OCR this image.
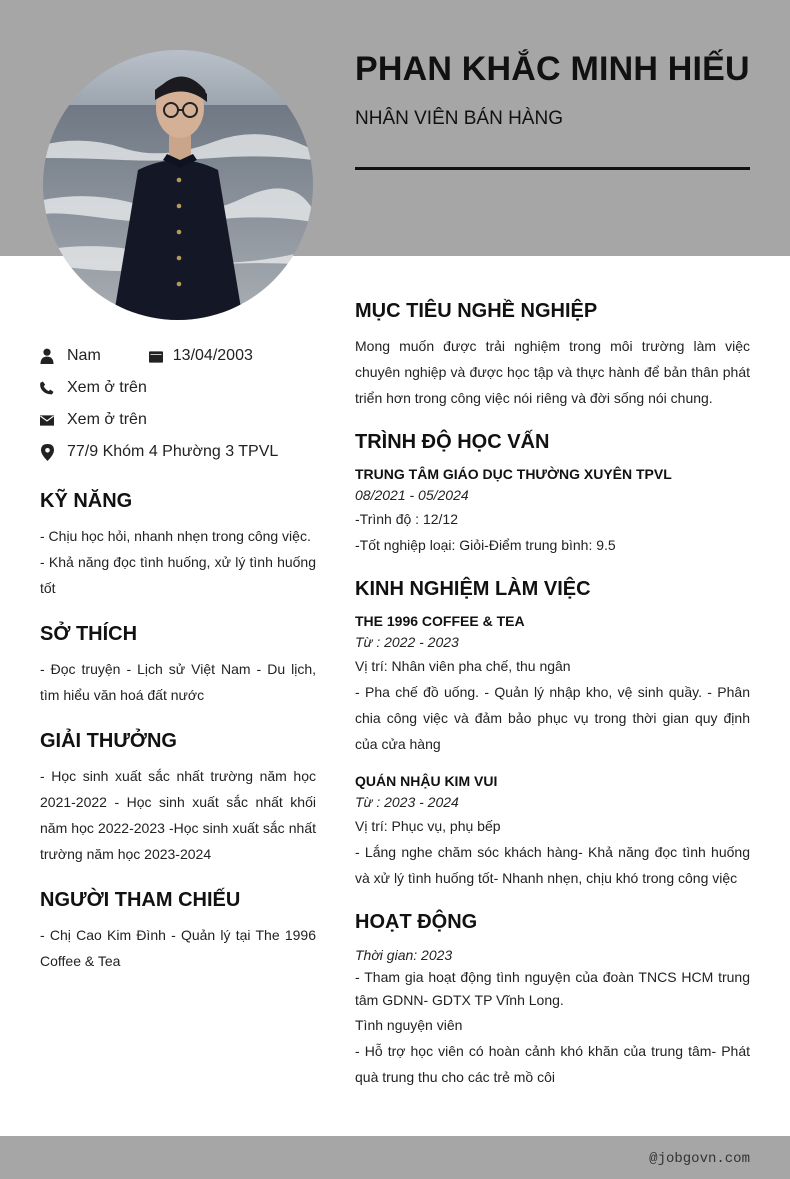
PHAN KHẮC MINH HIẾU
NHÂN VIÊN BÁN HÀNG
Nam	13/04/2003
Xem ở trên
Xem ở trên
77/9 Khóm 4 Phường 3 TPVL
KỸ NĂNG

- Chịu học hỏi, nhanh nhẹn trong công việc.

- Khả năng đọc tình huống, xử lý tình huống tốt

SỞ THÍCH
- Đọc truyện - Lịch sử Việt Nam - Du lịch, tìm hiểu văn hoá đất nước
GIẢI THƯỞNG
- Học sinh xuất sắc nhất trường năm học 2021-2022 - Học sinh xuất sắc nhất khối năm học 2022-2023 -Học sinh xuất sắc nhất trường năm học 2023-2024
NGƯỜI THAM CHIẾU
- Chị Cao Kim Đình - Quản lý tại The 1996 Coffee & Tea
MỤC TIÊU NGHỀ NGHIỆP
Mong muốn được trải nghiệm trong môi trường làm việc chuyên nghiệp và được học tập và thực hành để bản thân phát triển hơn trong công việc nói riêng và đời sống nói chung.
TRÌNH ĐỘ HỌC VẤN
TRUNG TÂM GIÁO DỤC THƯỜNG XUYÊN TPVL
08/2021 - 05/2024
-Trình độ : 12/12
-Tốt nghiệp loại: Giỏi-Điểm trung bình: 9.5
KINH NGHIỆM LÀM VIỆC
THE 1996 COFFEE & TEA
Từ : 2022 - 2023
Vị trí: Nhân viên pha chế, thu ngân
- Pha chế đồ uống. - Quản lý nhập kho, vệ sinh quầy. - Phân chia công việc và đảm bảo phục vụ trong thời gian quy định của cửa hàng
QUÁN NHẬU KIM VUI
Từ : 2023 - 2024
Vị trí: Phục vụ, phụ bếp
- Lắng nghe chăm sóc khách hàng- Khả năng đọc tình huống và xử lý tình huống tốt- Nhanh nhẹn, chịu khó trong công việc
HOẠT ĐỘNG
Thời gian: 2023
- Tham gia hoạt động tình nguyện của đoàn TNCS HCM trung tâm GDNN- GDTX TP Vĩnh Long.
Tình nguyện viên
- Hỗ trợ học viên có hoàn cảnh khó khăn của trung tâm- Phát quà trung thu cho các trẻ mồ côi
@jobgovn.com
